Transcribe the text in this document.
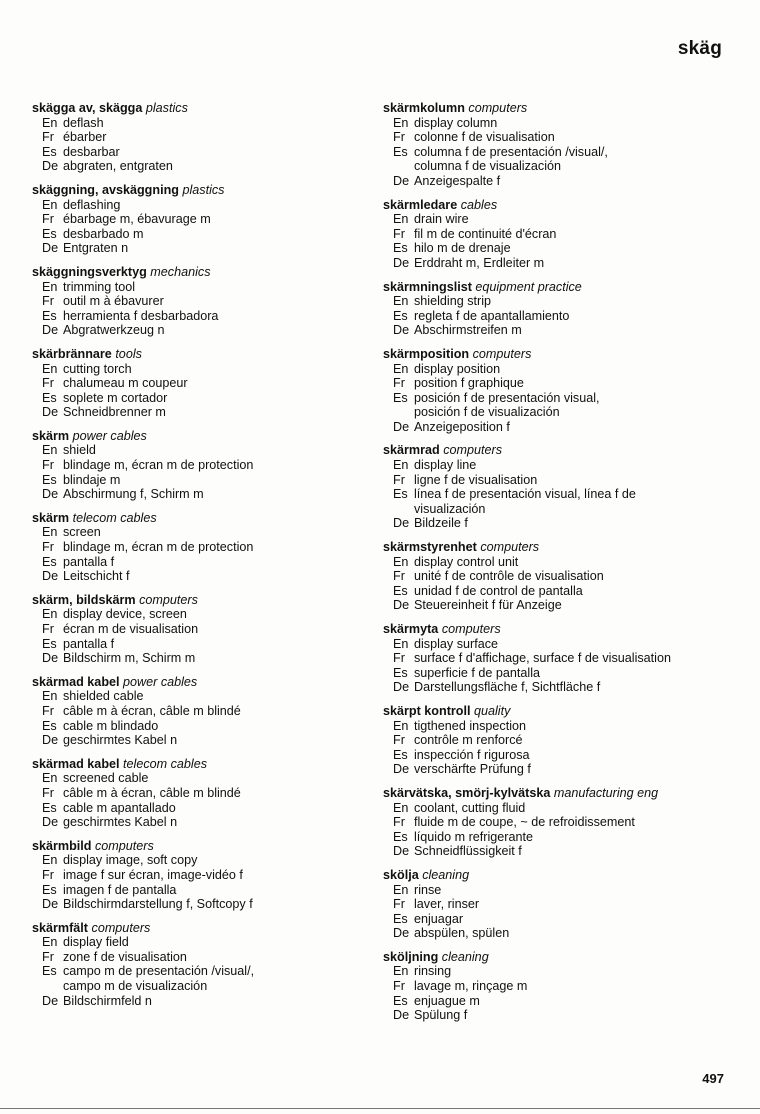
skäg
skägga av, skägga plastics
En deflash
Fr ébarber
Es desbarbar
De abgraten, entgraten
skäggning, avskäggning plastics
En deflashing
Fr ébarbage m, ébavurage m
Es desbarbado m
De Entgraten n
skäggningsverktyg mechanics
En trimming tool
Fr outil m à ébavurer
Es herramienta f desbarbadora
De Abgratwerkzeug n
skärbrännare tools
En cutting torch
Fr chalumeau m coupeur
Es soplete m cortador
De Schneidbrenner m
skärm power cables
En shield
Fr blindage m, écran m de protection
Es blindaje m
De Abschirmung f, Schirm m
skärm telecom cables
En screen
Fr blindage m, écran m de protection
Es pantalla f
De Leitschicht f
skärm, bildskärm computers
En display device, screen
Fr écran m de visualisation
Es pantalla f
De Bildschirm m, Schirm m
skärmad kabel power cables
En shielded cable
Fr câble m à écran, câble m blindé
Es cable m blindado
De geschirmtes Kabel n
skärmad kabel telecom cables
En screened cable
Fr câble m à écran, câble m blindé
Es cable m apantallado
De geschirmtes Kabel n
skärmbild computers
En display image, soft copy
Fr image f sur écran, image-vidéo f
Es imagen f de pantalla
De Bildschirmdarstellung f, Softcopy f
skärmfält computers
En display field
Fr zone f de visualisation
Es campo m de presentación /visual/,
campo m de visualización
De Bildschirmfeld n
skärmkolumn computers
En display column
Fr colonne f de visualisation
Es columna f de presentación /visual/,
columna f de visualización
De Anzeigespalte f
skärmledare cables
En drain wire
Fr fil m de continuité d'écran
Es hilo m de drenaje
De Erddraht m, Erdleiter m
skärmningslist equipment practice
En shielding strip
Es regleta f de apantallamiento
De Abschirmstreifen m
skärmposition computers
En display position
Fr position f graphique
Es posición f de presentación visual,
posición f de visualización
De Anzeigeposition f
skärmrad computers
En display line
Fr ligne f de visualisation
Es línea f de presentación visual, línea f de
visualización
De Bildzeile f
skärmstyrenhet computers
En display control unit
Fr unité f de contrôle de visualisation
Es unidad f de control de pantalla
De Steuereinheit f für Anzeige
skärmyta computers
En display surface
Fr surface f d'affichage, surface f de visualisation
Es superficie f de pantalla
De Darstellungsfläche f, Sichtfläche f
skärpt kontroll quality
En tigthened inspection
Fr contrôle m renforcé
Es inspección f rigurosa
De verschärfte Prüfung f
skärvätska, smörj-kylvätska manufacturing eng
En coolant, cutting fluid
Fr fluide m de coupe, ~ de refroidissement
Es líquido m refrigerante
De Schneidflüssigkeit f
skölja cleaning
En rinse
Fr laver, rinser
Es enjuagar
De abspülen, spülen
sköljning cleaning
En rinsing
Fr lavage m, rinçage m
Es enjuague m
De Spülung f
497
